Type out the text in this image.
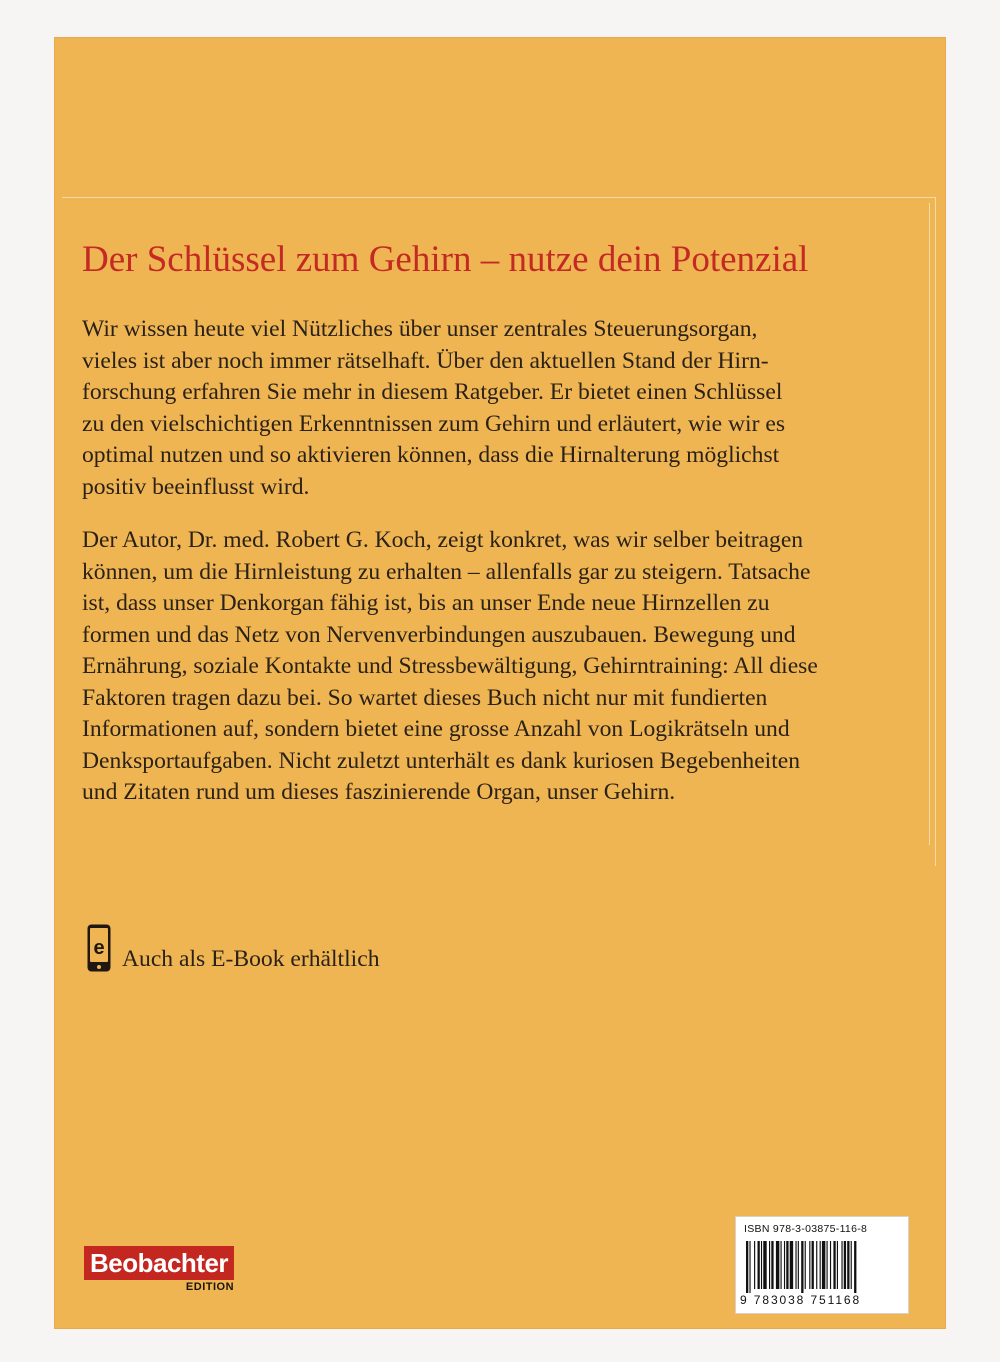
Der Schlüssel zum Gehirn – nutze dein Potenzial
Wir wissen heute viel Nützliches über unser zentrales Steuerungsorgan,
vieles ist aber noch immer rätselhaft. Über den aktuellen Stand der Hirn-
forschung erfahren Sie mehr in diesem Ratgeber. Er bietet einen Schlüssel
zu den vielschichtigen Erkenntnissen zum Gehirn und erläutert, wie wir es
optimal nutzen und so aktivieren können, dass die Hirnalterung möglichst
positiv beeinflusst wird.
Der Autor, Dr. med. Robert G. Koch, zeigt konkret, was wir selber beitragen
können, um die Hirnleistung zu erhalten – allenfalls gar zu steigern. Tatsache
ist, dass unser Denkorgan fähig ist, bis an unser Ende neue Hirnzellen zu
formen und das Netz von Nervenverbindungen auszubauen. Bewegung und
Ernährung, soziale Kontakte und Stressbewältigung, Gehirntraining: All diese
Faktoren tragen dazu bei. So wartet dieses Buch nicht nur mit fundierten
Informationen auf, sondern bietet eine grosse Anzahl von Logikrätseln und
Denksportaufgaben. Nicht zuletzt unterhält es dank kuriosen Begebenheiten
und Zitaten rund um dieses faszinierende Organ, unser Gehirn.
e Auch als E-Book erhältlich
Beobachter
EDITION
ISBN 978-3-03875-116-8
9 783038 751168
